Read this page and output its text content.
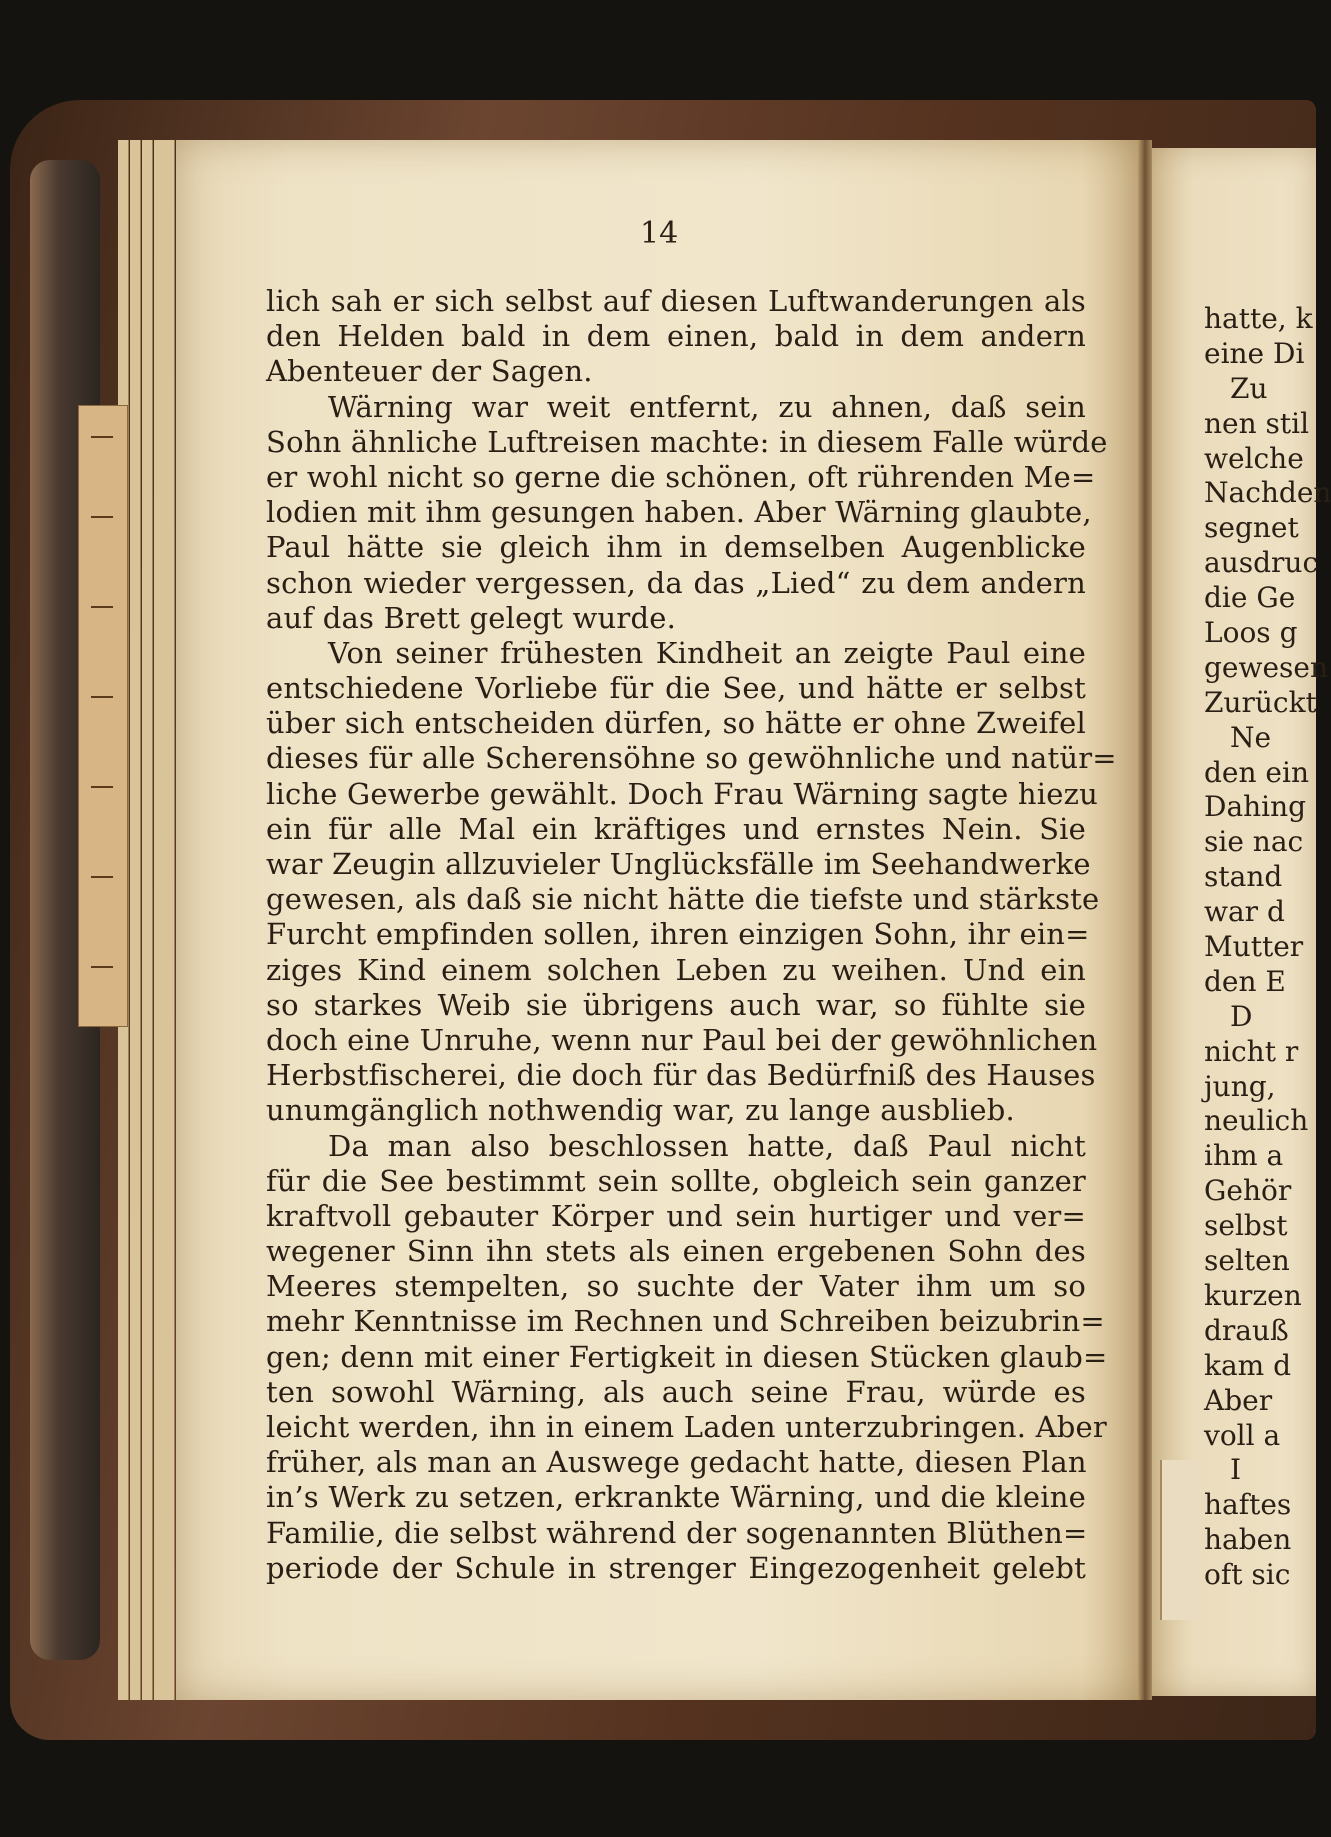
14
lich sah er sich selbst auf diesen Luftwanderungen als
den Helden bald in dem einen, bald in dem andern
Abenteuer der Sagen.
Wärning war weit entfernt, zu ahnen, daß sein
Sohn ähnliche Luftreisen machte: in diesem Falle würde
er wohl nicht so gerne die schönen, oft rührenden Me=
lodien mit ihm gesungen haben. Aber Wärning glaubte,
Paul hätte sie gleich ihm in demselben Augenblicke
schon wieder vergessen, da das „Lied“ zu dem andern
auf das Brett gelegt wurde.
Von seiner frühesten Kindheit an zeigte Paul eine
entschiedene Vorliebe für die See, und hätte er selbst
über sich entscheiden dürfen, so hätte er ohne Zweifel
dieses für alle Scherensöhne so gewöhnliche und natür=
liche Gewerbe gewählt. Doch Frau Wärning sagte hiezu
ein für alle Mal ein kräftiges und ernstes Nein. Sie
war Zeugin allzuvieler Unglücksfälle im Seehandwerke
gewesen, als daß sie nicht hätte die tiefste und stärkste
Furcht empfinden sollen, ihren einzigen Sohn, ihr ein=
ziges Kind einem solchen Leben zu weihen. Und ein
so starkes Weib sie übrigens auch war, so fühlte sie
doch eine Unruhe, wenn nur Paul bei der gewöhnlichen
Herbstfischerei, die doch für das Bedürfniß des Hauses
unumgänglich nothwendig war, zu lange ausblieb.
Da man also beschlossen hatte, daß Paul nicht
für die See bestimmt sein sollte, obgleich sein ganzer
kraftvoll gebauter Körper und sein hurtiger und ver=
wegener Sinn ihn stets als einen ergebenen Sohn des
Meeres stempelten, so suchte der Vater ihm um so
mehr Kenntnisse im Rechnen und Schreiben beizubrin=
gen; denn mit einer Fertigkeit in diesen Stücken glaub=
ten sowohl Wärning, als auch seine Frau, würde es
leicht werden, ihn in einem Laden unterzubringen. Aber
früher, als man an Auswege gedacht hatte, diesen Plan
in’s Werk zu setzen, erkrankte Wärning, und die kleine
Familie, die selbst während der sogenannten Blüthen=
periode der Schule in strenger Eingezogenheit gelebt
hatte, k
eine Di
Zu
nen stil
welche
Nachden
segnet
ausdruc
die Ge
Loos g
gewesen
Zurückt
Ne
den ein
Dahing
sie nac
stand
war d
Mutter
den E
D
nicht r
jung,
neulich
ihm a
Gehör
selbst
selten
kurzen
drauß
kam d
Aber
voll a
I
haftes
haben
oft sic
